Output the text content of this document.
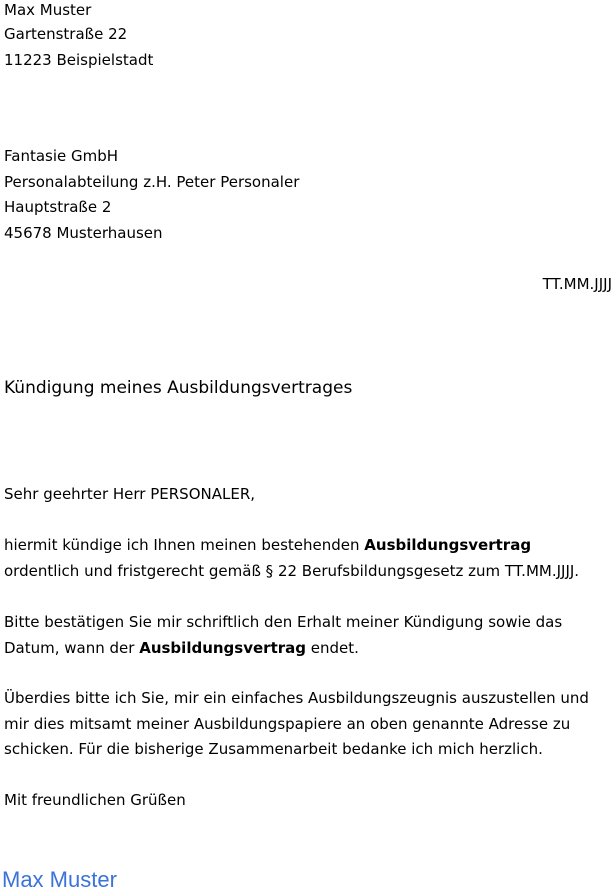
Max Muster
Gartenstraße 22
11223 Beispielstadt
Fantasie GmbH
Personalabteilung z.H. Peter Personaler
Hauptstraße 2
45678 Musterhausen
TT.MM.JJJJ
Kündigung meines Ausbildungsvertrages
Sehr geehrter Herr PERSONALER,
hiermit kündige ich Ihnen meinen bestehenden Ausbildungsvertrag ordentlich und fristgerecht gemäß § 22 Berufsbildungsgesetz zum TT.MM.JJJJ.
Bitte bestätigen Sie mir schriftlich den Erhalt meiner Kündigung sowie das Datum, wann der Ausbildungsvertrag endet.
Überdies bitte ich Sie, mir ein einfaches Ausbildungszeugnis auszustellen und mir dies mitsamt meiner Ausbildungspapiere an oben genannte Adresse zu schicken. Für die bisherige Zusammenarbeit bedanke ich mich herzlich.
Mit freundlichen Grüßen
Max Muster
